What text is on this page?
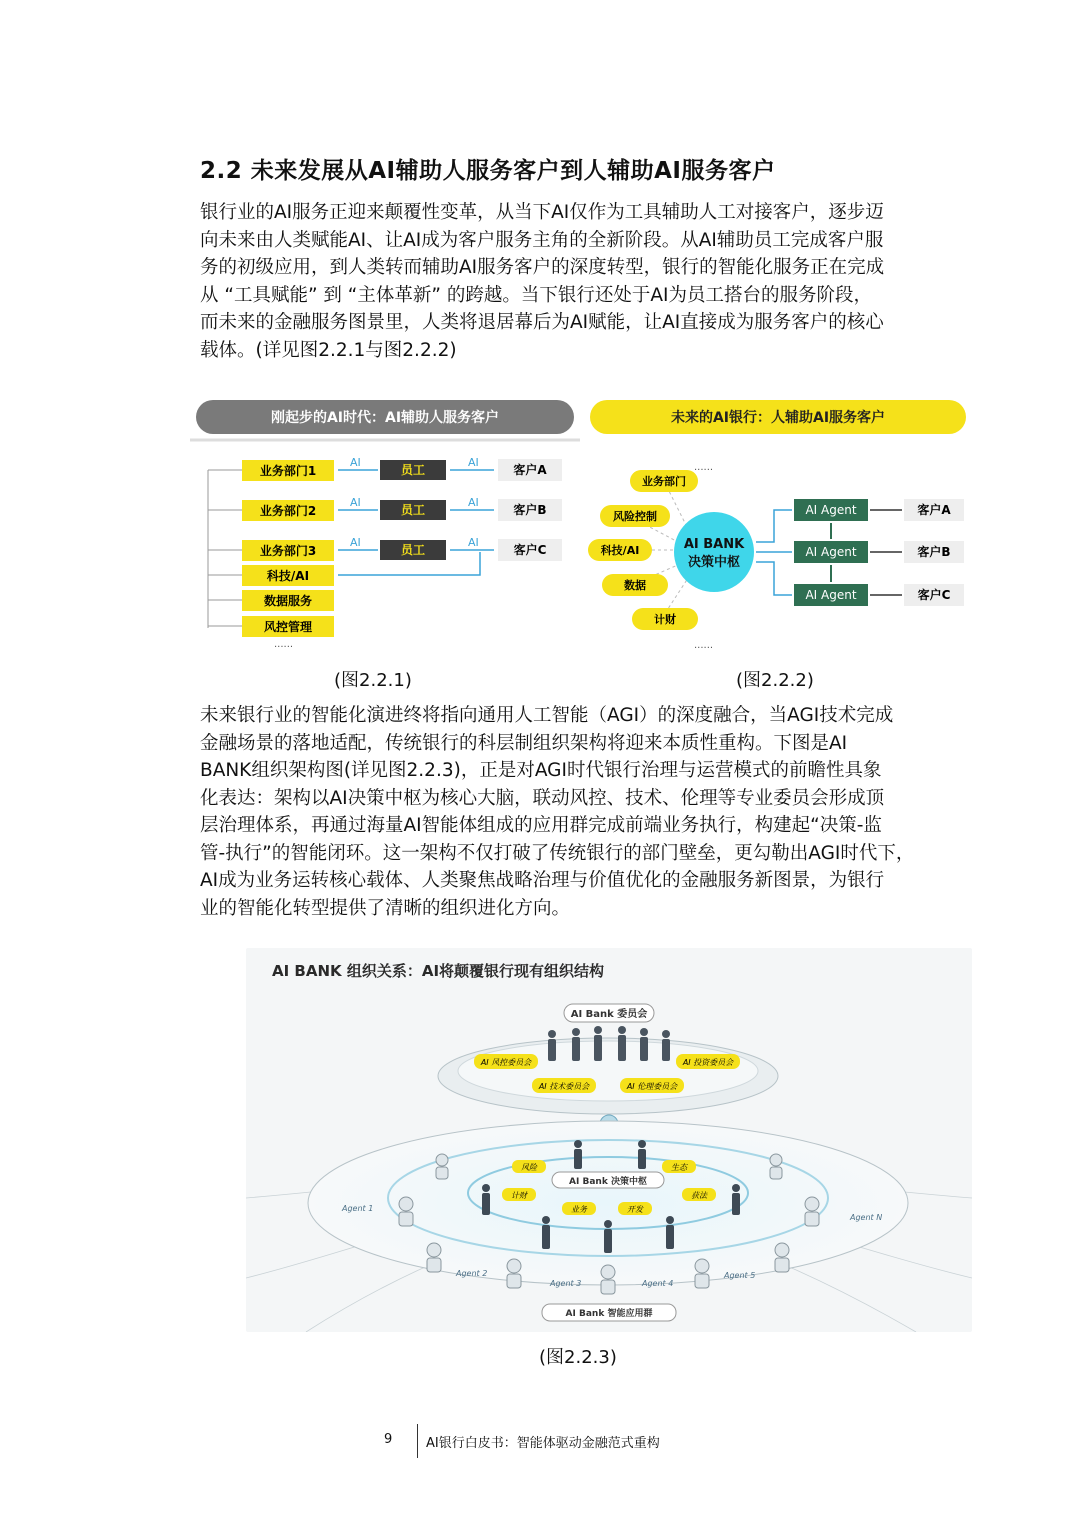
2.2 未来发展从AI辅助人服务客户到人辅助AI服务客户
银行业的AI服务正迎来颠覆性变革，从当下AI仅作为工具辅助人工对接客户，逐步迈
向未来由人类赋能AI、让AI成为客户服务主角的全新阶段。从AI辅助员工完成客户服
务的初级应用，到人类转而辅助AI服务客户的深度转型，银行的智能化服务正在完成
从 “工具赋能” 到 “主体革新” 的跨越。当下银行还处于AI为员工搭台的服务阶段，
而未来的金融服务图景里，人类将退居幕后为AI赋能，让AI直接成为服务客户的核心
载体。(详见图2.2.1与图2.2.2)
刚起步的AI时代：AI辅助人服务客户
业务部门1
业务部门2
业务部门3
科技/AI
数据服务
风控管理
员工
员工
员工
AI	AI
AI	AI
AI	AI
客户A
客户B
客户C
......
未来的AI银行：人辅助AI服务客户
......
业务部门
风险控制
科技/AI
数据
计财
AI BANK
决策中枢
AI Agent
AI Agent
AI Agent
客户A
客户B
客户C
......
(图2.2.1)	(图2.2.2)
未来银行业的智能化演进终将指向通用人工智能（AGI）的深度融合，当AGI技术完成
金融场景的落地适配，传统银行的科层制组织架构将迎来本质性重构。下图是AI
BANK组织架构图(详见图2.2.3)，正是对AGI时代银行治理与运营模式的前瞻性具象
化表达：架构以AI决策中枢为核心大脑，联动风控、技术、伦理等专业委员会形成顶
层治理体系，再通过海量AI智能体组成的应用群完成前端业务执行，构建起“决策-监
管-执行”的智能闭环。这一架构不仅打破了传统银行的部门壁垒，更勾勒出AGI时代下，
AI成为业务运转核心载体、人类聚焦战略治理与价值优化的金融服务新图景，为银行
业的智能化转型提供了清晰的组织进化方向。
AI BANK 组织关系：AI将颠覆银行现有组织结构
AI Bank 委员会
AI 风控委员会
AI 技术委员会	AI 伦理委员会
AI 投资委员会
AI Bank 决策中枢
风险	生态
计财
业务	开发
获法
Agent 1
Agent 2
Agent 3	Agent 4
Agent 5
Agent N
AI Bank 智能应用群
(图2.2.3)
9	AI银行白皮书：智能体驱动金融范式重构
